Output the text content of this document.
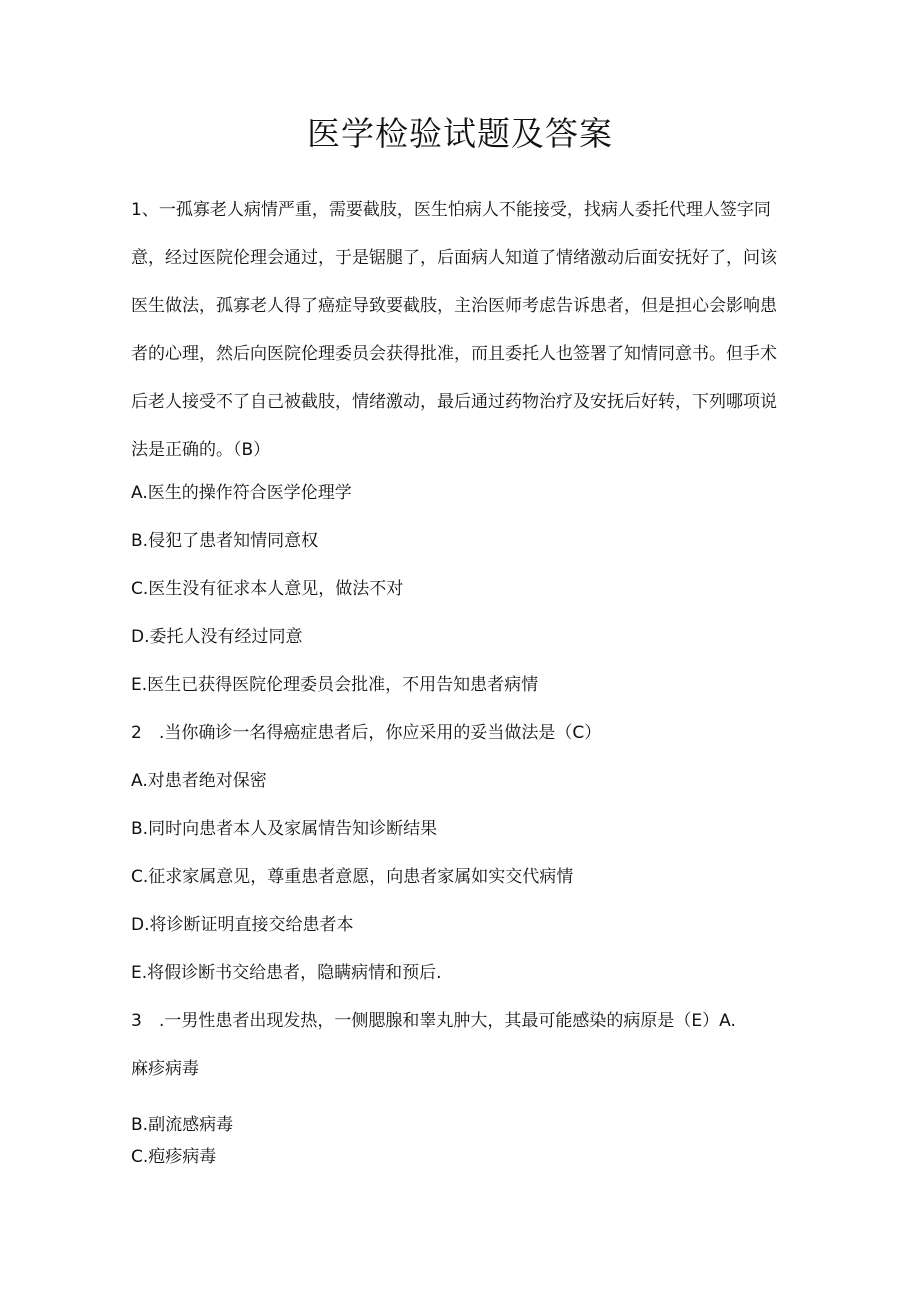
医学检验试题及答案

1、一孤寡老人病情严重，需要截肢，医生怕病人不能接受，找病人委托代理人签字同意，经过医院伦理会通过，于是锯腿了，后面病人知道了情绪激动后面安抚好了，问该医生做法，孤寡老人得了癌症导致要截肢，主治医师考虑告诉患者，但是担心会影响患者的心理，然后向医院伦理委员会获得批准，而且委托人也签署了知情同意书。但手术后老人接受不了自己被截肢，情绪激动，最后通过药物治疗及安抚后好转，下列哪项说法是正确的。（B）

A.医生的操作符合医学伦理学

B.侵犯了患者知情同意权

C.医生没有征求本人意见，做法不对

D.委托人没有经过同意

E.医生已获得医院伦理委员会批准，不用告知患者病情

2 .当你确诊一名得癌症患者后，你应采用的妥当做法是（C）

A.对患者绝对保密

B.同时向患者本人及家属情告知诊断结果

C.征求家属意见，尊重患者意愿，向患者家属如实交代病情

D.将诊断证明直接交给患者本

E.将假诊断书交给患者，隐瞒病情和预后.

3 .一男性患者出现发热，一侧腮腺和睾丸肿大，其最可能感染的病原是（E）A.

麻疹病毒

B.副流感病毒

C.疱疹病毒
